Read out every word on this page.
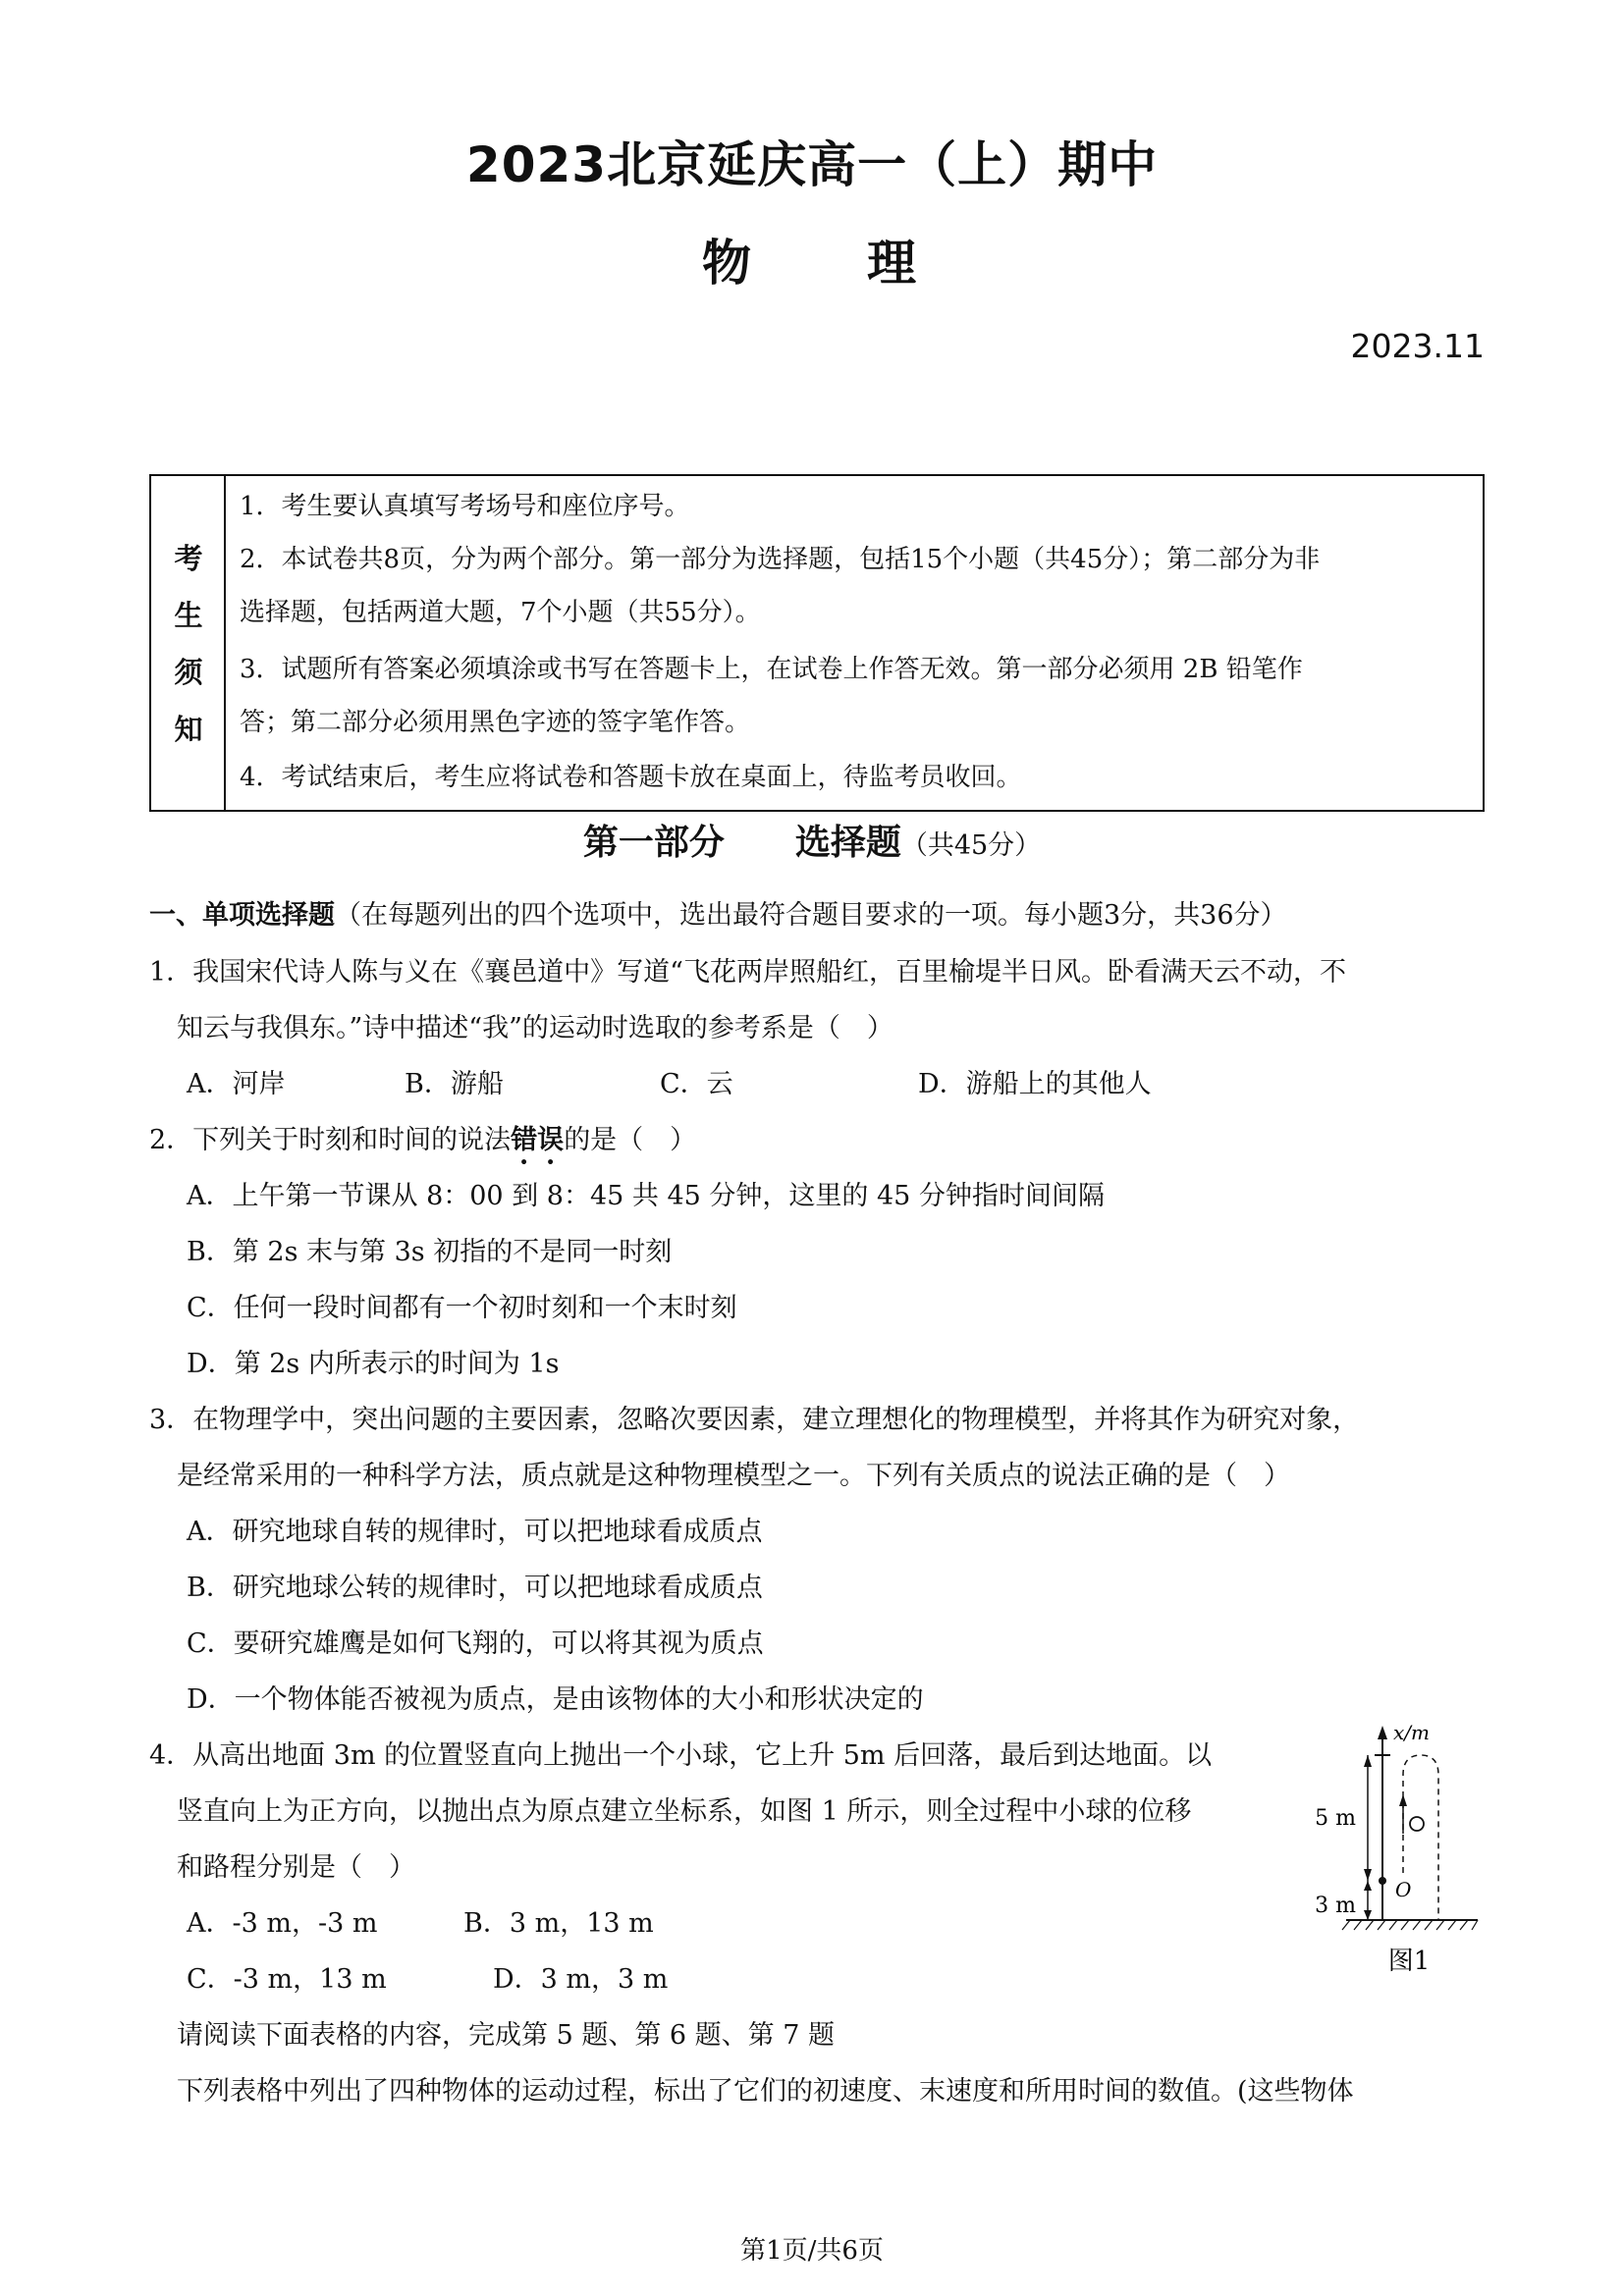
2023北京延庆高一（上）期中
物　　理
2023.11
考
生
须
知
1．考生要认真填写考场号和座位序号。
2．本试卷共8页，分为两个部分。第一部分为选择题，包括15个小题（共45分）；第二部分为非
选择题，包括两道大题，7个小题（共55分）。
3．试题所有答案必须填涂或书写在答题卡上，在试卷上作答无效。第一部分必须用 2B 铅笔作
答；第二部分必须用黑色字迹的签字笔作答。
4．考试结束后，考生应将试卷和答题卡放在桌面上，待监考员收回。
第一部分　　选择题（共45分）
一、单项选择题（在每题列出的四个选项中，选出最符合题目要求的一项。每小题3分，共36分）
1．我国宋代诗人陈与义在《襄邑道中》写道“飞花两岸照船红，百里榆堤半日风。卧看满天云不动，不
知云与我俱东。”诗中描述“我”的运动时选取的参考系是（　）
A．河岸	B．游船	C．云	D．游船上的其他人
2．下列关于时刻和时间的说法错误的是（　）
A．上午第一节课从 8：00 到 8：45 共 45 分钟，这里的 45 分钟指时间间隔
B．第 2s 末与第 3s 初指的不是同一时刻
C．任何一段时间都有一个初时刻和一个末时刻
D．第 2s 内所表示的时间为 1s
3．在物理学中，突出问题的主要因素，忽略次要因素，建立理想化的物理模型，并将其作为研究对象，
是经常采用的一种科学方法，质点就是这种物理模型之一。下列有关质点的说法正确的是（　）
A．研究地球自转的规律时，可以把地球看成质点
B．研究地球公转的规律时，可以把地球看成质点
C．要研究雄鹰是如何飞翔的，可以将其视为质点
D．一个物体能否被视为质点，是由该物体的大小和形状决定的
4．从高出地面 3m 的位置竖直向上抛出一个小球，它上升 5m 后回落，最后到达地面。以
竖直向上为正方向，以抛出点为原点建立坐标系，如图 1 所示，则全过程中小球的位移
和路程分别是（　）
A．-3 m，-3 m	B．3 m，13 m
C．-3 m，13 m	D．3 m，3 m
x/m
5 m
3 m
O
图1
请阅读下面表格的内容，完成第 5 题、第 6 题、第 7 题
下列表格中列出了四种物体的运动过程，标出了它们的初速度、末速度和所用时间的数值。(这些物体
第1页/共6页
